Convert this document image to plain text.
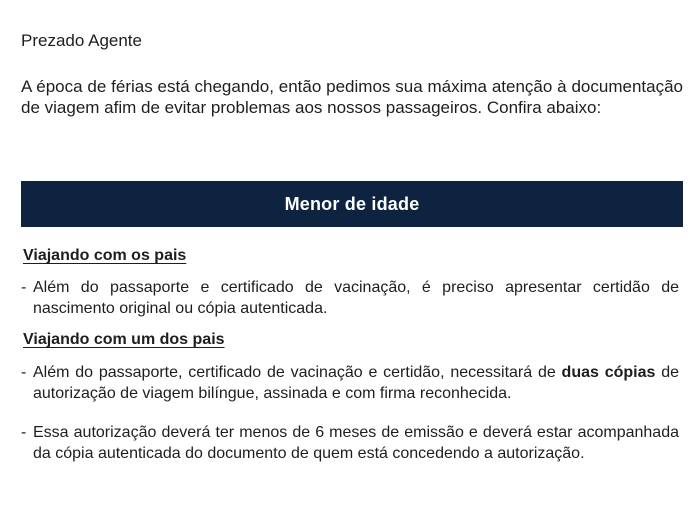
Prezado Agente

A época de férias está chegando, então pedimos sua máxima atenção à documentação de viagem afim de evitar problemas aos nossos passageiros. Confira abaixo:

Menor de idade

Viajando com os pais

- Além do passaporte e certificado de vacinação, é preciso apresentar certidão de nascimento original ou cópia autenticada.

Viajando com um dos pais

- Além do passaporte, certificado de vacinação e certidão, necessitará de duas cópias de autorização de viagem bilíngue, assinada e com firma reconhecida.
- Essa autorização deverá ter menos de 6 meses de emissão e deverá estar acompanhada da cópia autenticada do documento de quem está concedendo a autorização.
